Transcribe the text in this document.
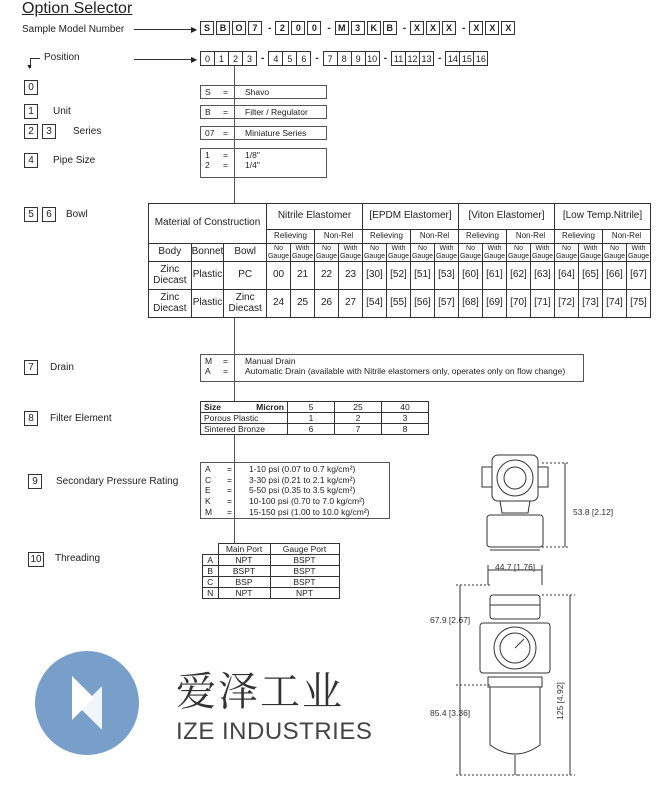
Option Selector
Sample Model Number	▶ S	B	O	7	- 2	0	0	- M	3	K	B - X	X	X	- X	X	X
▼
Position	▶ 0 1 2 3 - 4 5 6 - 7 8 9 10 - 11 12 13 - 14 15 16
0	S	=	Shavo
1	Unit	B	=	Filter / Regulator
2	3	Series	07	=	Miniature Series
4	Pipe Size	1	=	1/8"
2	=	1/4"
5	6	Bowl
Material of Construction			Nitrile Elastomer				[EPDM Elastomer]				[Viton Elastomer]				[Low Temp.Nitrile]			
			Relieving		Non-Rel		Relieving		Non-Rel		Relieving		Non-Rel		Relieving		Non-Rel	
Body	Bonnet	Bowl	No Gauge	With Gauge	No Gauge	With Gauge	No Gauge	With Gauge	No Gauge	With Gauge	No Gauge	With Gauge	No Gauge	With Gauge	No Gauge	With Gauge	No Gauge	With Gauge
Zinc Diecast	Plastic	PC	00	21	22	23	[30]	[52]	[51]	[53]	[60]	[61]	[62]	[63]	[64]	[65]	[66]	[67]
Zinc Diecast	Plastic	Zinc Diecast	24	25	26	27	[54]	[55]	[56]	[57]	[68]	[69]	[70]	[71]	[72]	[73]	[74]	[75]
7	Drain
M	=	Manual Drain
A	=	Automatic Drain (available with Nitrile elastomers only, operates only on flow change)
8	Filter Element
Size Micron	5	25	40
Porous Plastic	1	2	3
Sintered Bronze	6	7	8
9	Secondary Pressure Rating
A	=	1-10 psi (0.07 to 0.7 kg/cm²)
C	=	3-30 psi (0.21 to 2.1 kg/cm²)
E	=	5-50 psi (0.35 to 3.5 kg/cm²)
K	=	10-100 psi (0.70 to 7.0 kg/cm²)
M	=	15-150 psi (1.00 to 10.0 kg/cm²)
10 Threading
	Main Port	Gauge Port
A	NPT	BSPT
B	BSPT	BSPT
C	BSP	BSPT
N	NPT	NPT
53.8 [2.12]
44.7 [1.76]
67.9 [2.67]
85.4 [3.36]	125 [4.92]
爱泽工业
IZE INDUSTRIES
